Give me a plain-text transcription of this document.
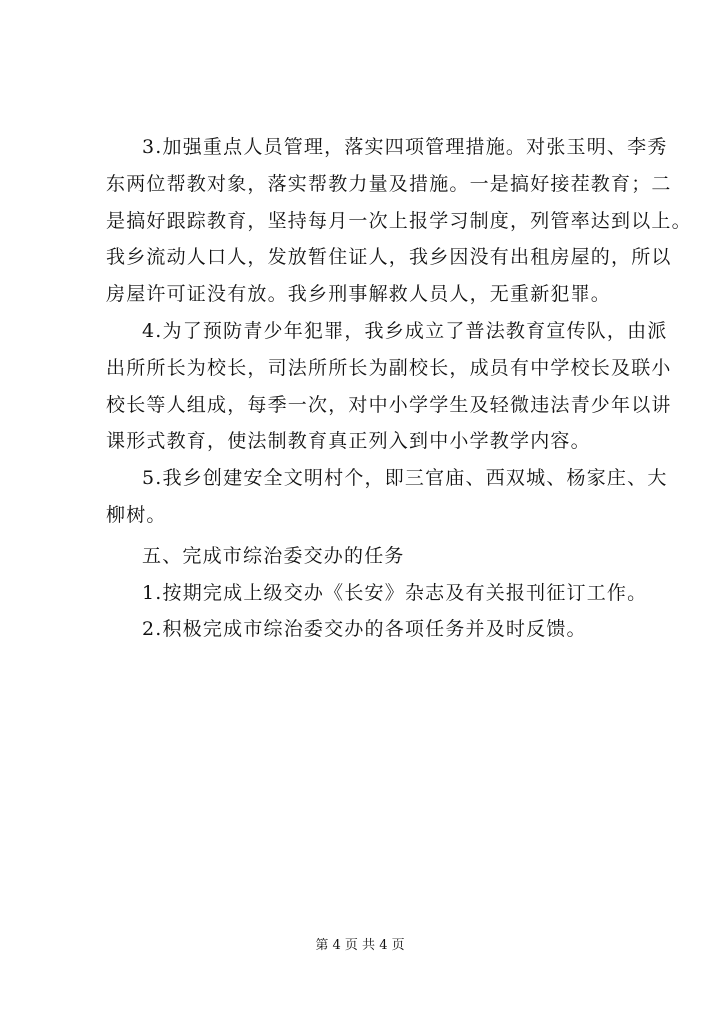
3.加强重点人员管理，落实四项管理措施。对张玉明、李秀
东两位帮教对象，落实帮教力量及措施。一是搞好接茬教育；二
是搞好跟踪教育，坚持每月一次上报学习制度，列管率达到以上。
我乡流动人口人，发放暂住证人，我乡因没有出租房屋的，所以
房屋许可证没有放。我乡刑事解救人员人，无重新犯罪。
4.为了预防青少年犯罪，我乡成立了普法教育宣传队，由派
出所所长为校长，司法所所长为副校长，成员有中学校长及联小
校长等人组成，每季一次，对中小学学生及轻微违法青少年以讲
课形式教育，使法制教育真正列入到中小学教学内容。
5.我乡创建安全文明村个，即三官庙、西双城、杨家庄、大
柳树。
五、完成市综治委交办的任务
1.按期完成上级交办《长安》杂志及有关报刊征订工作。
2.积极完成市综治委交办的各项任务并及时反馈。
第 4 页 共 4 页
